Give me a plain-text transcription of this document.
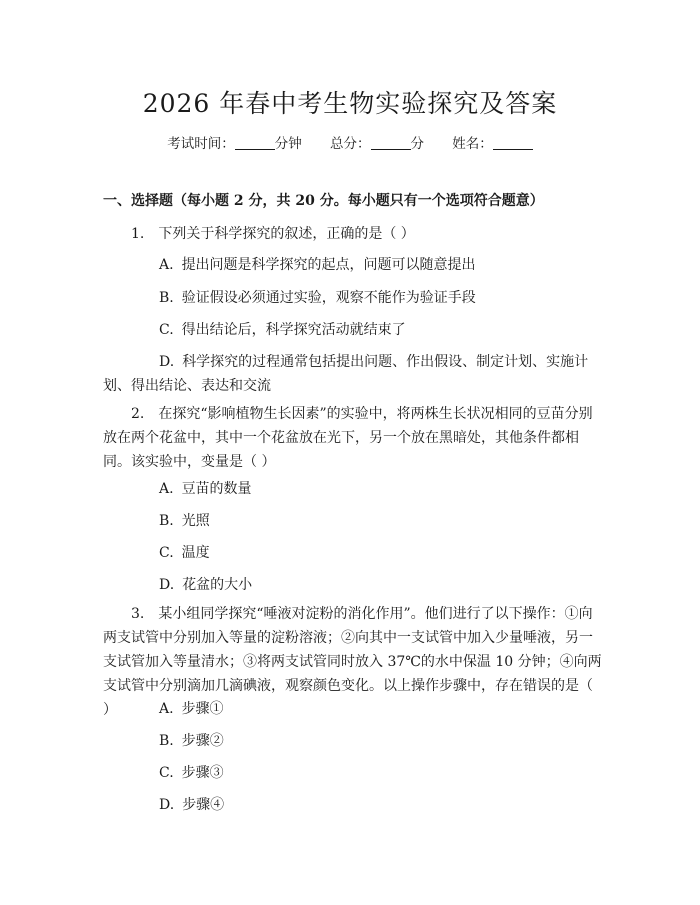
2026 年春中考生物实验探究及答案
考试时间：	分钟 总分：	分 姓名：
一、选择题（每小题 2 分，共 20 分。每小题只有一个选项符合题意）
1. 下列关于科学探究的叙述，正确的是（ ）
A. 提出问题是科学探究的起点，问题可以随意提出
B. 验证假设必须通过实验，观察不能作为验证手段
C. 得出结论后，科学探究活动就结束了
D. 科学探究的过程通常包括提出问题、作出假设、制定计划、实施计划、得出结论、表达和交流
2. 在探究“影响植物生长因素”的实验中，将两株生长状况相同的豆苗分别放在两个花盆中，其中一个花盆放在光下，另一个放在黑暗处，其他条件都相同。该实验中，变量是（ ）
A. 豆苗的数量
B. 光照
C. 温度
D. 花盆的大小
3. 某小组同学探究“唾液对淀粉的消化作用”。他们进行了以下操作：①向两支试管中分别加入等量的淀粉溶液；②向其中一支试管中加入少量唾液，另一支试管加入等量清水；③将两支试管同时放入 37℃的水中保温 10 分钟；④向两支试管中分别滴加几滴碘液，观察颜色变化。以上操作步骤中，存在错误的是（ ）	A. 步骤①
B. 步骤②
C. 步骤③
D. 步骤④
